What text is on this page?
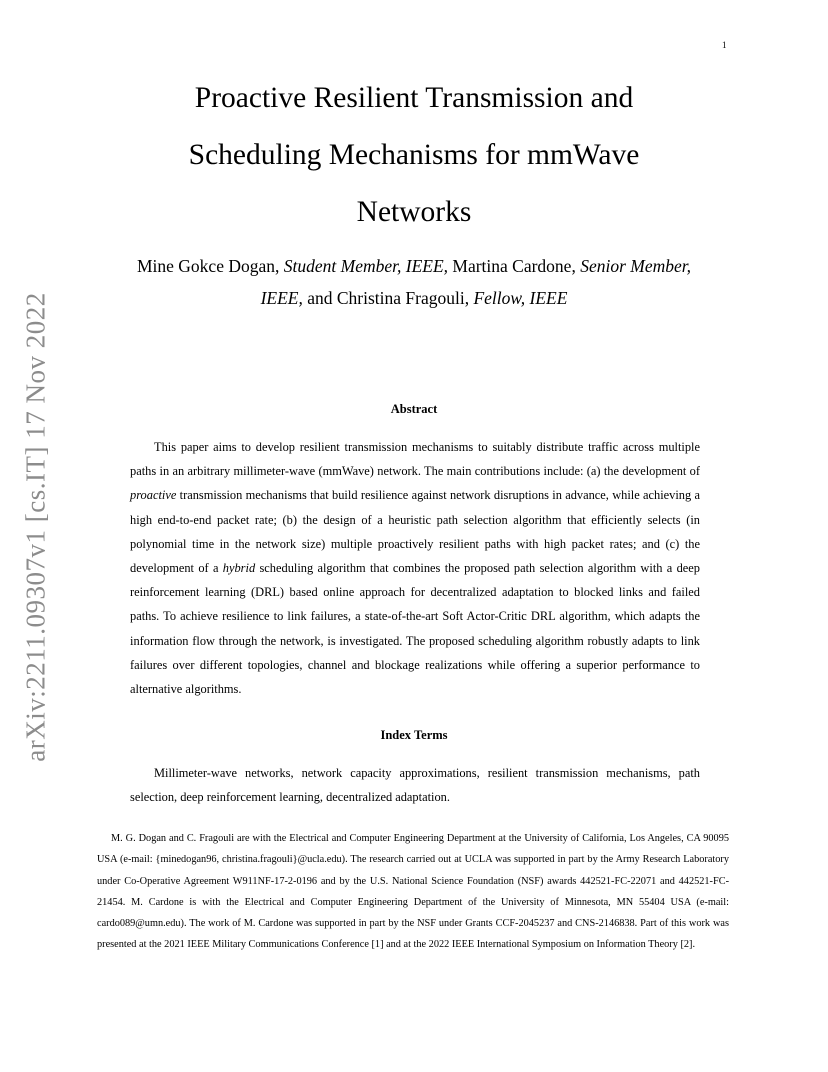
1
arXiv:2211.09307v1 [cs.IT] 17 Nov 2022
Proactive Resilient Transmission and Scheduling Mechanisms for mmWave Networks
Mine Gokce Dogan, Student Member, IEEE, Martina Cardone, Senior Member, IEEE, and Christina Fragouli, Fellow, IEEE
Abstract
This paper aims to develop resilient transmission mechanisms to suitably distribute traffic across multiple paths in an arbitrary millimeter-wave (mmWave) network. The main contributions include: (a) the development of proactive transmission mechanisms that build resilience against network disruptions in advance, while achieving a high end-to-end packet rate; (b) the design of a heuristic path selection algorithm that efficiently selects (in polynomial time in the network size) multiple proactively resilient paths with high packet rates; and (c) the development of a hybrid scheduling algorithm that combines the proposed path selection algorithm with a deep reinforcement learning (DRL) based online approach for decentralized adaptation to blocked links and failed paths. To achieve resilience to link failures, a state-of-the-art Soft Actor-Critic DRL algorithm, which adapts the information flow through the network, is investigated. The proposed scheduling algorithm robustly adapts to link failures over different topologies, channel and blockage realizations while offering a superior performance to alternative algorithms.
Index Terms
Millimeter-wave networks, network capacity approximations, resilient transmission mechanisms, path selection, deep reinforcement learning, decentralized adaptation.
M. G. Dogan and C. Fragouli are with the Electrical and Computer Engineering Department at the University of California, Los Angeles, CA 90095 USA (e-mail: {minedogan96, christina.fragouli}@ucla.edu). The research carried out at UCLA was supported in part by the Army Research Laboratory under Co-Operative Agreement W911NF-17-2-0196 and by the U.S. National Science Foundation (NSF) awards 442521-FC-22071 and 442521-FC-21454. M. Cardone is with the Electrical and Computer Engineering Department of the University of Minnesota, MN 55404 USA (e-mail: cardo089@umn.edu). The work of M. Cardone was supported in part by the NSF under Grants CCF-2045237 and CNS-2146838. Part of this work was presented at the 2021 IEEE Military Communications Conference [1] and at the 2022 IEEE International Symposium on Information Theory [2].
